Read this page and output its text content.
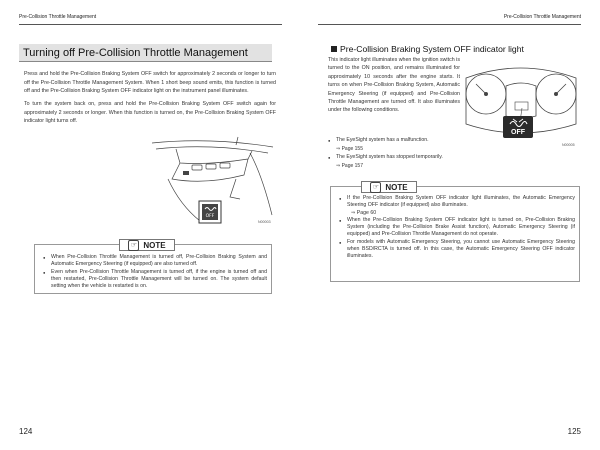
Pre-Collision Throttle Management	Pre-Collision Throttle Management
Turning off Pre-Collision Throttle Management
Press and hold the Pre-Collision Braking System OFF switch for approximately 2 seconds or longer to turn off the Pre-Collision Throttle Management System. When 1 short beep sound emits, this function is turned off and the Pre-Collision Braking System OFF indicator light on the instrument panel illuminates.
To turn the system back on, press and hold the Pre-Collision Braking System OFF switch again for approximately 2 seconds or longer. When this function is turned on, the Pre-Collision Braking System OFF indicator light turns off.
OFF
N00003
☞ NOTE
● When Pre-Collision Throttle Management is turned off, Pre-Collision Braking System and Automatic Emergency Steering (if equipped) are also turned off.
● Even when Pre-Collision Throttle Management is turned off, if the engine is turned off and then restarted, Pre-Collision Throttle Management will be turned on. The system default setting when the vehicle is restarted is on.
124
Pre-Collision Braking System OFF indicator light
This indicator light illuminates when the ignition switch is turned to the ON position, and remains illuminated for approximately 10 seconds after the engine starts. It turns on when Pre-Collision Braking System, Automatic Emergency Steering (if equipped) and Pre-Collision Throttle Management are turned off. It also illuminates under the following conditions.
● The EyeSight system has a malfunction.
⇒ Page 155
● The EyeSight system has stopped temporarily.
⇒ Page 157
OFF
N00005
☞ NOTE
● If the Pre-Collision Braking System OFF indicator light illuminates, the Automatic Emergency Steering OFF indicator (if equipped) also illuminates.
⇒ Page 60
● When the Pre-Collision Braking System OFF indicator light is turned on, Pre-Collision Braking System (including the Pre-Collision Brake Assist function), Automatic Emergency Steering (if equipped) and Pre-Collision Throttle Management do not operate.
● For models with Automatic Emergency Steering, you cannot use Automatic Emergency Steering when BSD/RCTA is turned off. In this case, the Automatic Emergency Steering OFF indicator illuminates.
125
